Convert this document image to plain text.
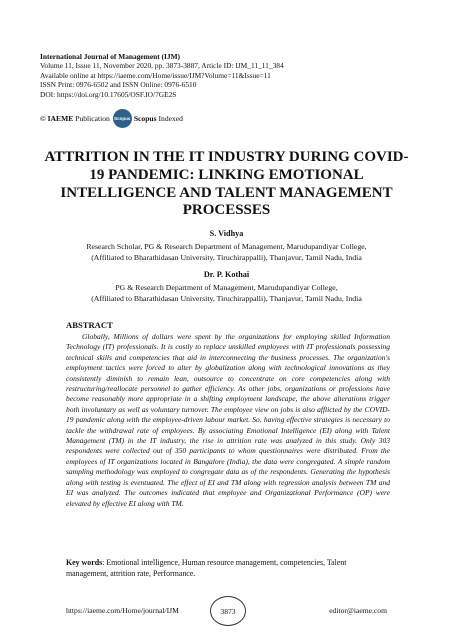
International Journal of Management (IJM)
Volume 11, Issue 11, November 2020, pp. 3873-3887, Article ID: IJM_11_11_384
Available online at https://iaeme.com/Home/issue/IJM?Volume=11&Issue=11
ISSN Print: 0976-6502 and ISSN Online: 0976-6510
DOI: https://doi.org/10.17605/OSF.IO/7GE2S
© IAEME
Publication Scopus Scopus
Indexed
ATTRITION IN THE IT INDUSTRY DURING COVID-19 PANDEMIC: LINKING EMOTIONAL INTELLIGENCE AND TALENT MANAGEMENT PROCESSES
S. Vidhya
Research Scholar, PG & Research Department of Management, Marudupandiyar College,
(Affiliated to Bharathidasan University, Tiruchirappalli), Thanjavur, Tamil Nadu, India
Dr. P. Kothai
PG & Research Department of Management, Marudupandiyar College,
(Affiliated to Bharathidasan University, Tiruchirappalli), Thanjavur, Tamil Nadu, India
ABSTRACT

Globally, Millions of dollars were spent by the organizations for employing skilled Information Technology (IT) professionals. It is costly to replace unskilled employees with IT professionals possessing technical skills and competencies that aid in interconnecting the business processes. The organization's employment tactics were forced to alter by globalization along with technological innovations as they consistently diminish to remain lean, outsource to concentrate on core competencies along with restructuring/reallocate personnel to gather efficiency. As other jobs, organizations or professions have become reasonably more appropriate in a shifting employment landscape, the above alterations trigger both involuntary as well as voluntary turnover. The employee view on jobs is also afflicted by the COVID-19 pandemic along with the employee-driven labour market. So, having effective strategies is necessary to tackle the withdrawal rate of employees. By associating Emotional Intelligence (EI) along with Talent Management (TM) in the IT industry, the rise in attrition rate was analyzed in this study. Only 303 respondents were collected out of 350 participants to whom questionnaires were distributed. From the employees of IT organizations located in Bangalore (India), the data were congregated. A simple random sampling methodology was employed to congregate data as of the respondents. Generating the hypothesis along with testing is eventuated. The effect of EI and TM along with regression analysis between TM and EI was analyzed. The outcomes indicated that employee and Organizational Performance (OP) were elevated by effective EI along with TM.

Key words: Emotional intelligence, Human resource management, competencies, Talent management, attrition rate, Performance.
https://iaeme.com/Home/journal/IJM	3873	editor@iaeme.com
